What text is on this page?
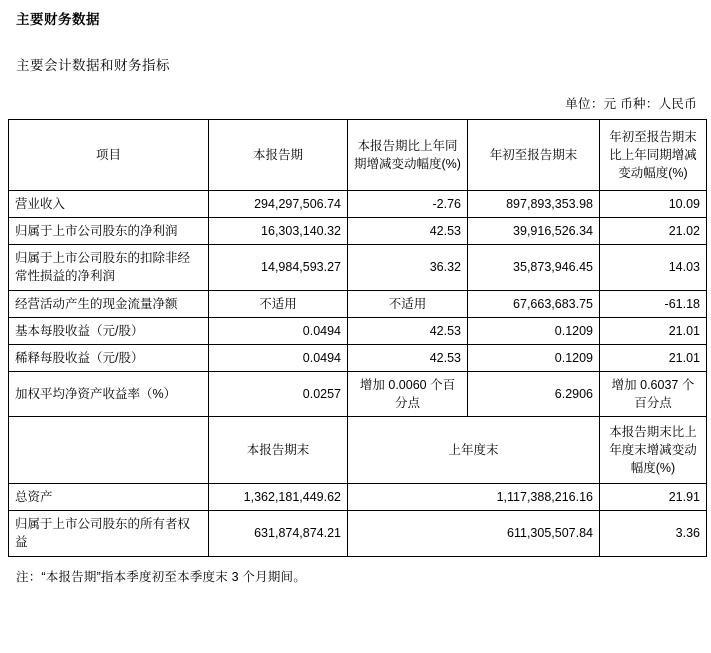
主要财务数据
主要会计数据和财务指标
单位：元 币种：人民币
项目	本报告期	本报告期比上年同期增减变动幅度(%)	年初至报告期末	年初至报告期末比上年同期增减变动幅度(%)
营业收入	294,297,506.74	-2.76	897,893,353.98	10.09
归属于上市公司股东的净利润	16,303,140.32	42.53	39,916,526.34	21.02
归属于上市公司股东的扣除非经常性损益的净利润	14,984,593.27	36.32	35,873,946.45	14.03
经营活动产生的现金流量净额	不适用	不适用	67,663,683.75	-61.18
基本每股收益（元/股）	0.0494	42.53	0.1209	21.01
稀释每股收益（元/股）	0.0494	42.53	0.1209	21.01
加权平均净资产收益率（%）	0.0257	增加 0.0060 个百分点	6.2906	增加 0.6037 个百分点
	本报告期末	上年度末		本报告期末比上年度末增减变动幅度(%)
总资产	1,362,181,449.62	1,117,388,216.16		21.91
归属于上市公司股东的所有者权益	631,874,874.21	611,305,507.84		3.36
注：“本报告期”指本季度初至本季度末 3 个月期间。
